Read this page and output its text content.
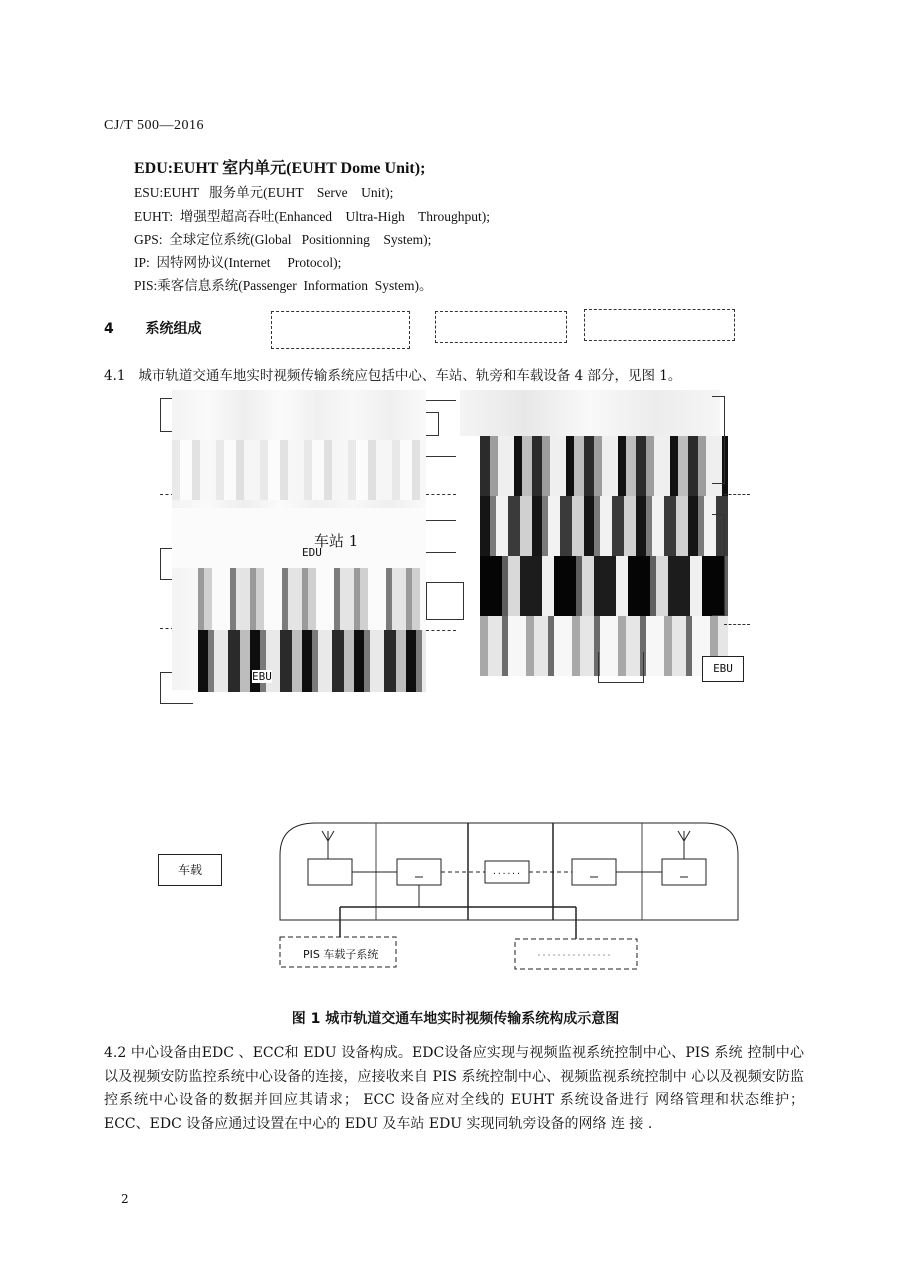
CJ/T 500—2016
EDU:EUHT 室内单元(EUHT Dome Unit);
ESU:EUHT   服务单元(EUHT    Serve    Unit);
EUHT:  增强型超高吞吐(Enhanced    Ultra-High    Throughput);
GPS:  全球定位系统(Global   Positionning    System);
IP:  因特网协议(Internet     Protocol);
PIS:乘客信息系统(Passenger  Information  System)。
4 系统组成
4.1   城市轨道交通车地实时视频传输系统应包括中心、车站、轨旁和车载设备 4 部分，见图 1。
车站 1
EDU
EBU
EBU
车载	......
PIS 车载子系统
图 1 城市轨道交通车地实时视频传输系统构成示意图
4.2 中心设备由EDC 、ECC和 EDU 设备构成。EDC设备应实现与视频监视系统控制中心、PIS 系统 控制中心以及视频安防监控系统中心设备的连接，应接收来自 PIS 系统控制中心、视频监视系统控制中 心以及视频安防监控系统中心设备的数据并回应其请求； ECC 设备应对全线的 EUHT 系统设备进行 网络管理和状态维护；ECC、EDC 设备应通过设置在中心的 EDU 及车站 EDU 实现同轨旁设备的网络 连 接 .
2
